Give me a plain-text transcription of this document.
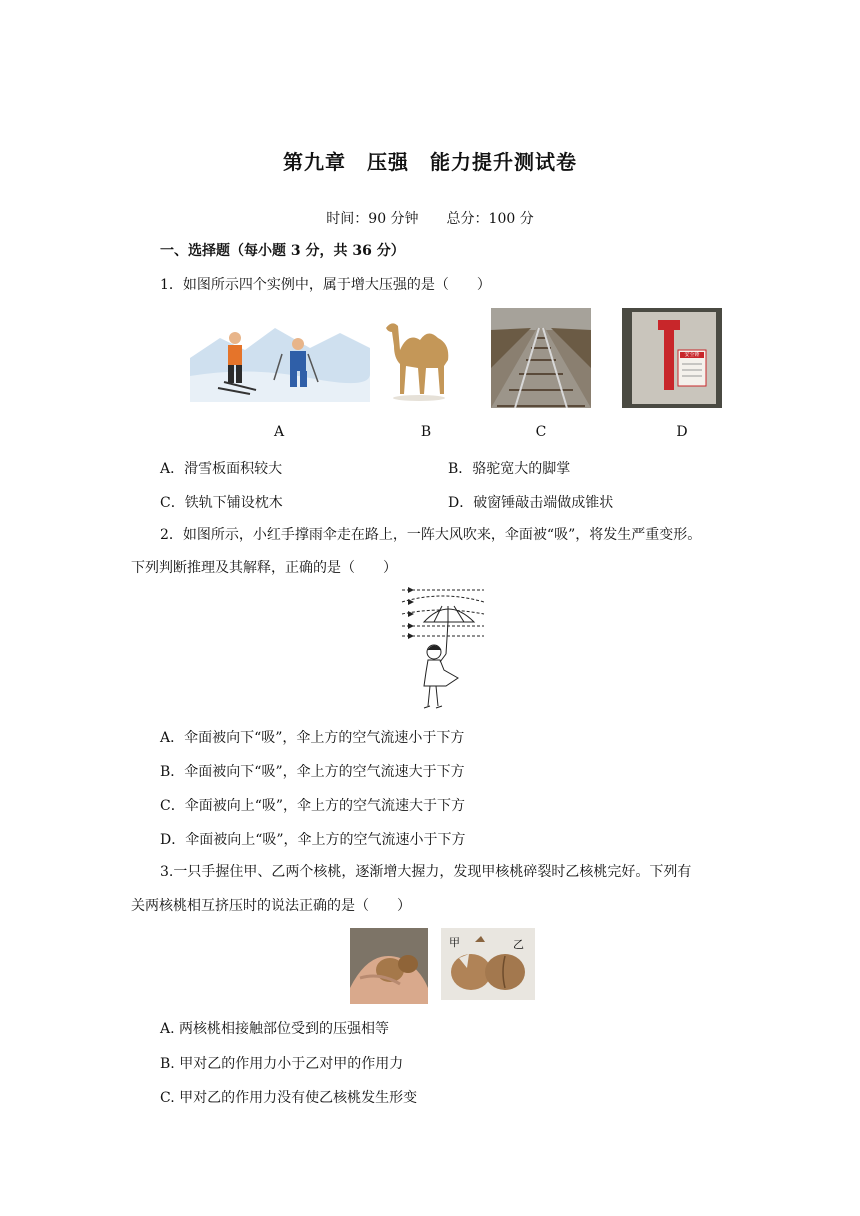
第九章　压强　能力提升测试卷
时间：90 分钟　　总分：100 分
一、选择题（每小题 3 分，共 36 分）
1．如图所示四个实例中，属于增大压强的是（　　）
安全锤
A	B	C	D
A．滑雪板面积较大	B．骆驼宽大的脚掌
C．铁轨下铺设枕木	D．破窗锤敲击端做成锥状
2．如图所示，小红手撑雨伞走在路上，一阵大风吹来，伞面被“吸”，将发生严重变形。
下列判断推理及其解释，正确的是（　　）
A．伞面被向下“吸”，伞上方的空气流速小于下方
B．伞面被向下“吸”，伞上方的空气流速大于下方
C．伞面被向上“吸”，伞上方的空气流速大于下方
D．伞面被向上“吸”，伞上方的空气流速小于下方
3.一只手握住甲、乙两个核桃，逐渐增大握力，发现甲核桃碎裂时乙核桃完好。下列有
关两核桃相互挤压时的说法正确的是（　　）
甲	乙
A. 两核桃相接触部位受到的压强相等
B. 甲对乙的作用力小于乙对甲的作用力
C. 甲对乙的作用力没有使乙核桃发生形变
